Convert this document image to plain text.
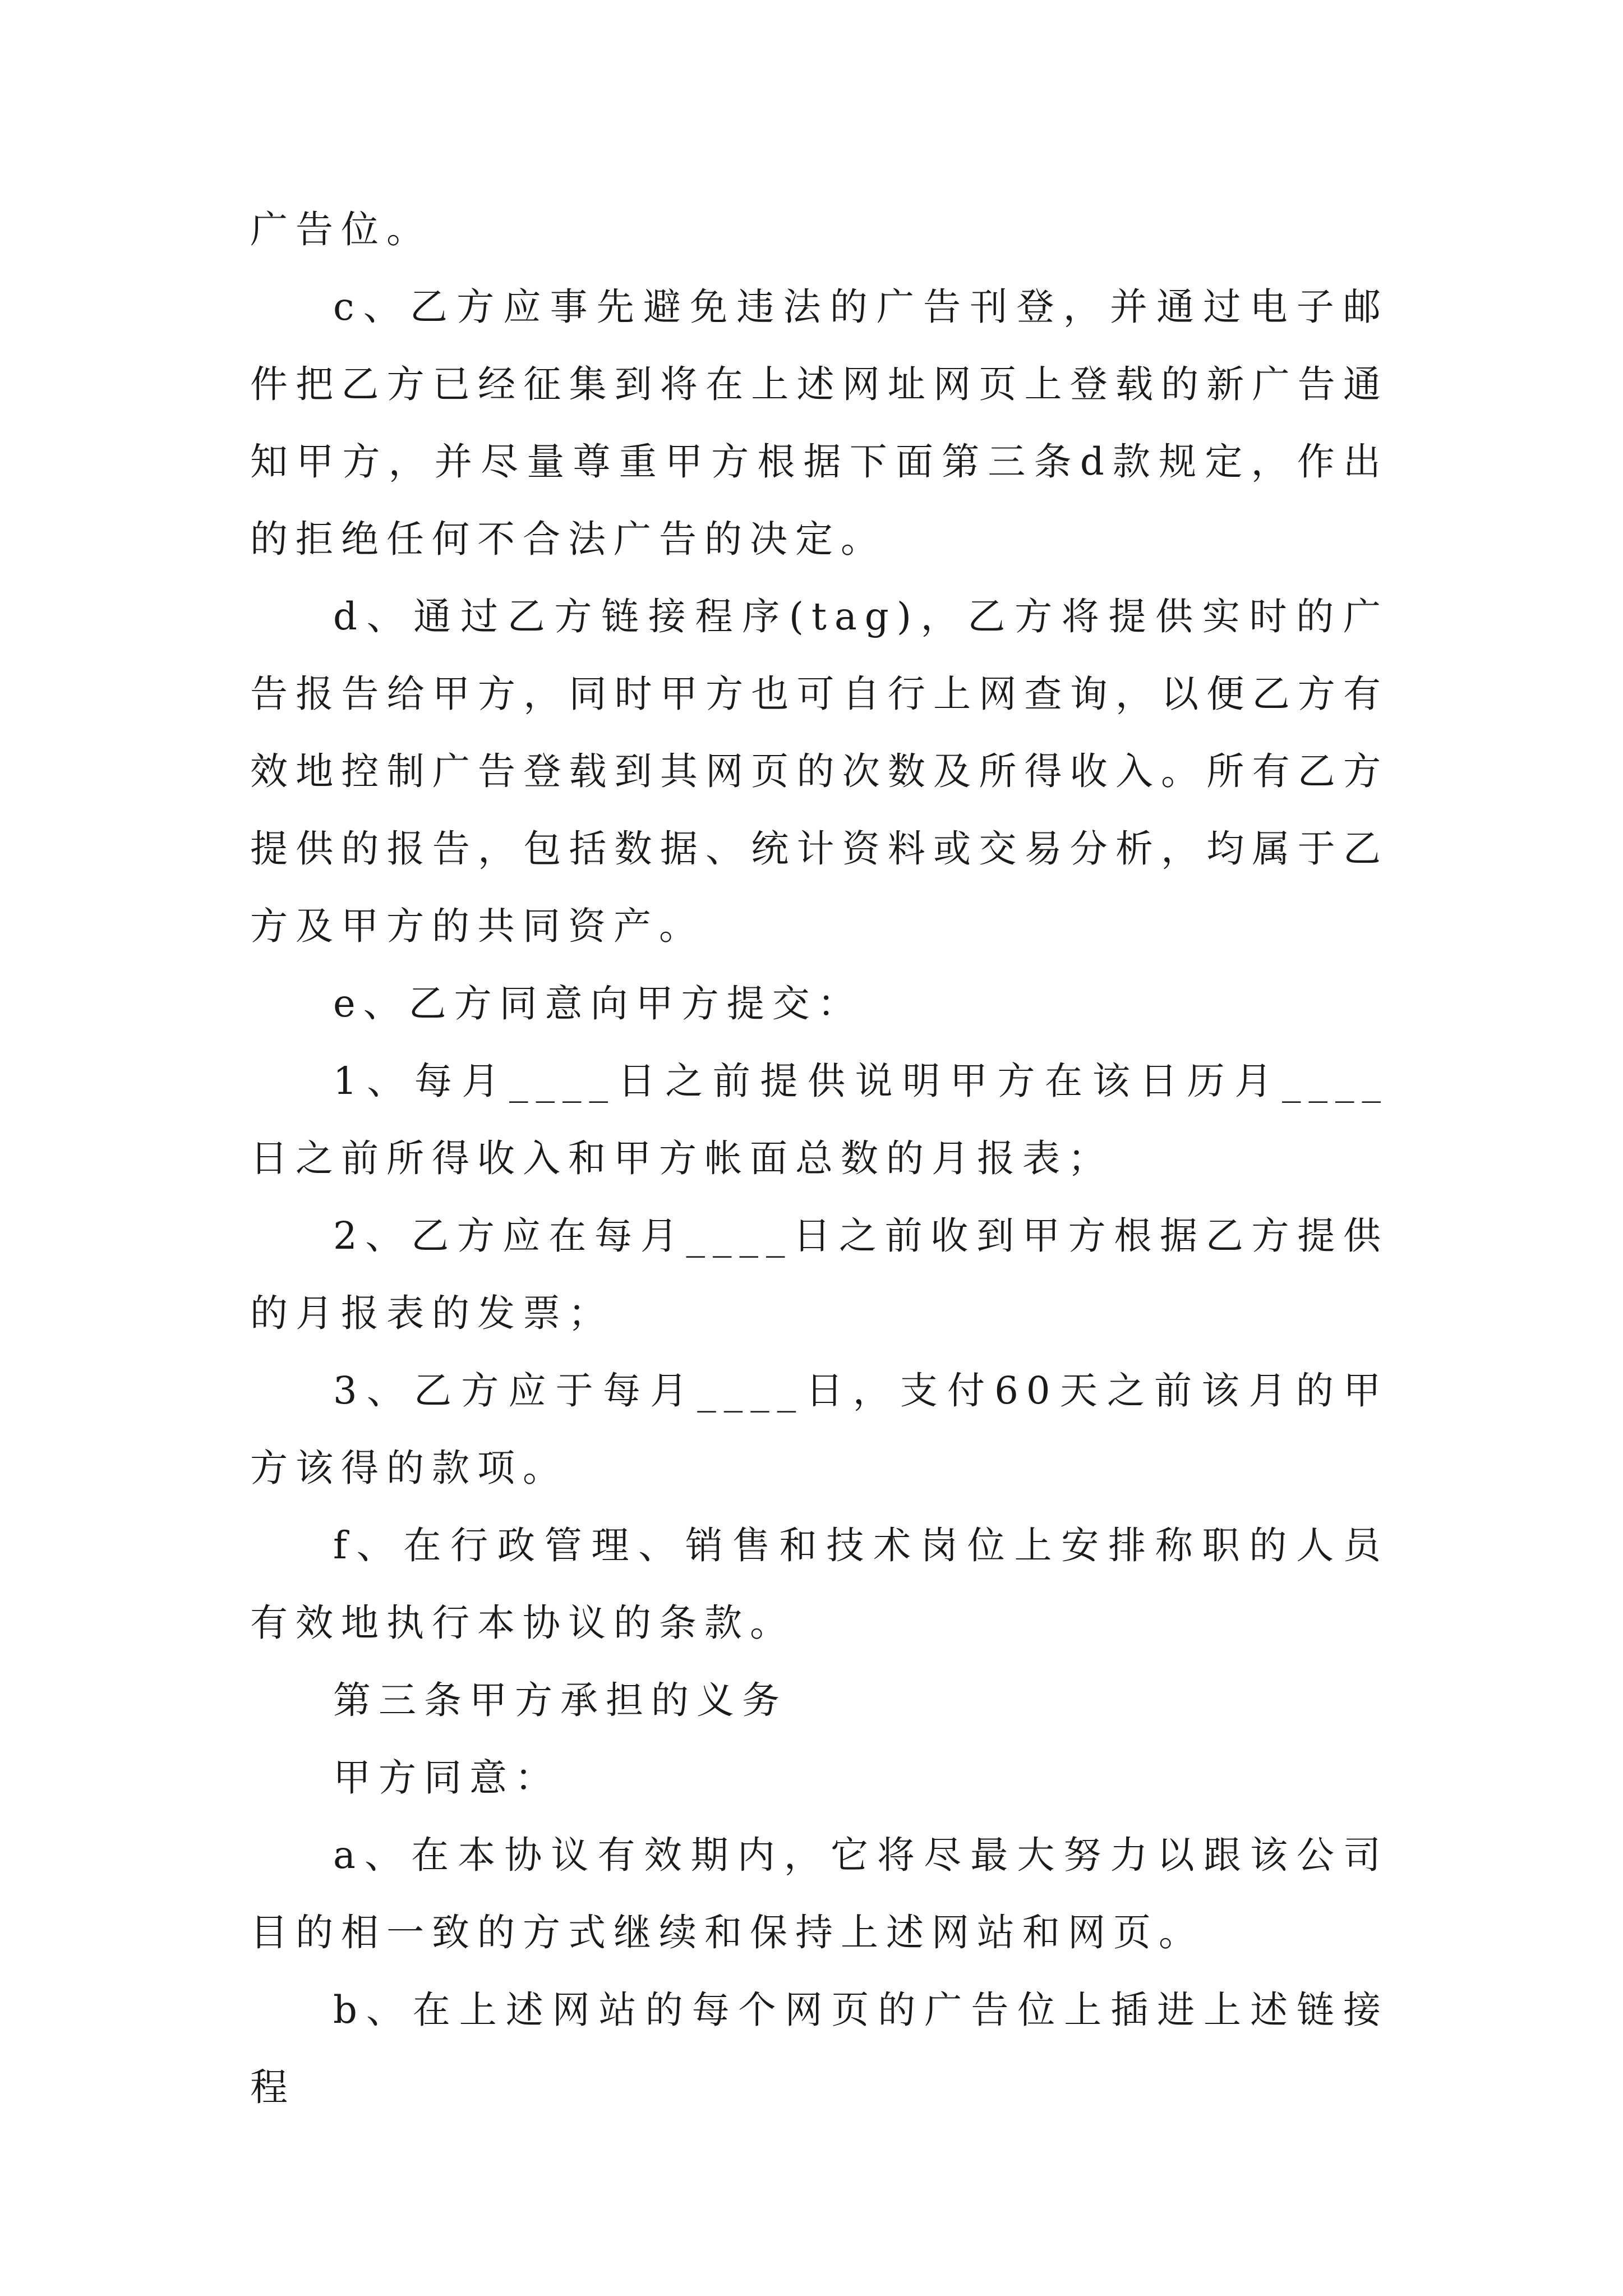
广告位。

c、乙方应事先避免违法的广告刊登，并通过电子邮件把乙方已经征集到将在上述网址网页上登载的新广告通知甲方，并尽量尊重甲方根据下面第三条d款规定，作出的拒绝任何不合法广告的决定。

d、通过乙方链接程序(tag)，乙方将提供实时的广告报告给甲方，同时甲方也可自行上网查询，以便乙方有效地控制广告登载到其网页的次数及所得收入。所有乙方提供的报告，包括数据、统计资料或交易分析，均属于乙方及甲方的共同资产。

e、乙方同意向甲方提交：

1、每月____日之前提供说明甲方在该日历月____日之前所得收入和甲方帐面总数的月报表；

2、乙方应在每月____日之前收到甲方根据乙方提供的月报表的发票；

3、乙方应于每月____日，支付60天之前该月的甲方该得的款项。

f、在行政管理、销售和技术岗位上安排称职的人员有效地执行本协议的条款。

第三条甲方承担的义务

甲方同意：

a、在本协议有效期内，它将尽最大努力以跟该公司目的相一致的方式继续和保持上述网站和网页。

b、在上述网站的每个网页的广告位上插进上述链接程
